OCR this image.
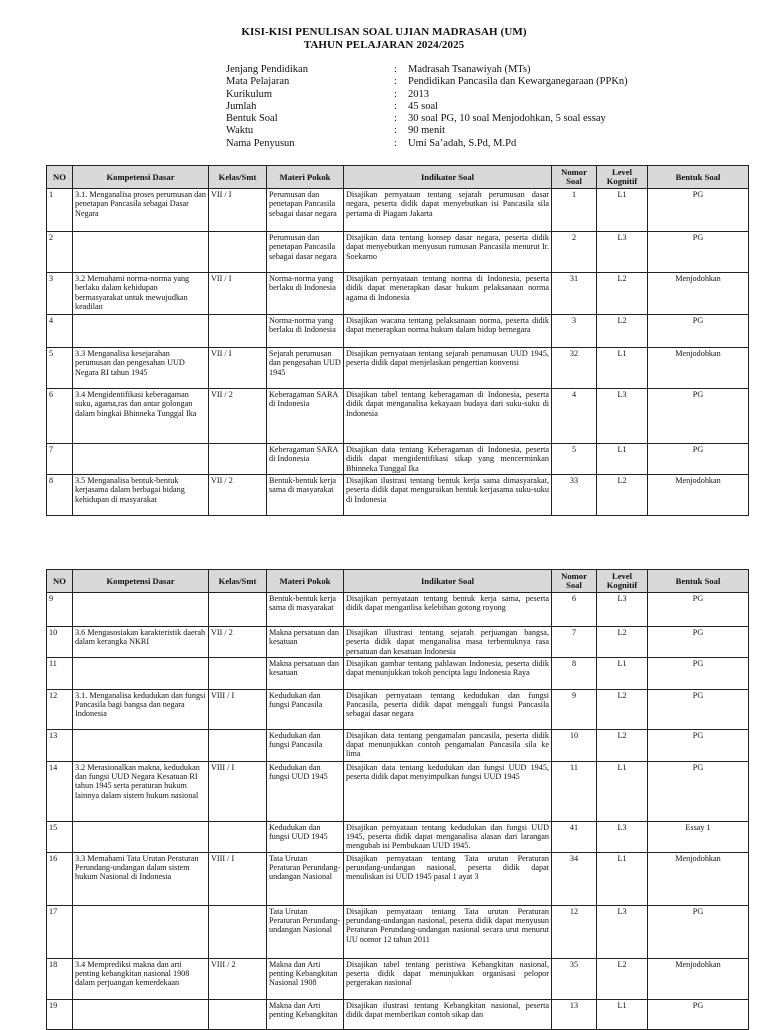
KISI-KISI PENULISAN SOAL UJIAN MADRASAH (UM)
TAHUN PELAJARAN 2024/2025
Jenjang Pendidikan	:	Madrasah Tsanawiyah (MTs)
Mata Pelajaran	:	Pendidikan Pancasila dan Kewarganegaraan (PPKn)
Kurikulum	:	2013
Jumlah	:	45 soal
Bentuk Soal	:	30 soal PG, 10 soal Menjodohkan, 5 soal essay
Waktu	:	90 menit
Nama Penyusun	:	Umi Sa’adah, S.Pd, M.Pd
NO	Kompetensi Dasar	Kelas/Smt	Materi Pokok	Indikator Soal	Nomor Soal	Level Kognitif	Bentuk Soal
1	3.1. Menganalisa proses perumusan dan penetapan Pancasila sebagai Dasar Negara	VII / I	Perumusan dan penetapan Pancasila sebagai dasar negara	Disajikan pernyataan tentang sejarah perumusan dasar negara, peserta didik dapat menyebutkan isi Pancasila sila pertama di Piagam Jakarta	1	L1	PG
2			Perumusan dan penetapan Pancasila sebagai dasar negara	Disajikan data tentang konsep dasar negara, peserta didik dapat menyebutkan menyusun rumusan Pancasila menurut Ir. Soekarno	2	L3	PG
3	3.2 Memahami norma-norma yang berlaku dalam kehidupan bermasyarakat untuk mewujudkan keadilan	VII / I	Norma-norma yang berlaku di Indonesia	Disajikan pernyataan tentang norma di Indonesia, peserta didik dapat menerapkan dasar hukum pelaksanaan norma agama di Indonesia	31	L2	Menjodohkan
4			Norma-norma yang berlaku di Indonesia	Disajikan wacana tentang pelaksanaan norma, peserta didik dapat menerapkan norma hukum dalam hidup bernegara	3	L2	PG
5	3.3 Menganalisa kesejarahan perumusan dan pengesahan UUD Negara RI tahun 1945	VII / I	Sejarah perumusan dan pengesahan UUD 1945	Disajikan pernyataan tentang sejarah perumusan UUD 1945, peserta didik dapat menjelaskan pengertian konvensi	32	L1	Menjodohkan
6	3.4 Mengidentifikasi keberagaman suku, agama,ras dan antar golongan dalam bingkai Bhinneka Tunggal Ika	VII / 2	Keberagaman SARA di Indonesia	Disajikan tabel tentang keberagaman di Indonesia, peserta didik dapat menganalisa kekayaan budaya dari suku-suku di Indonesia	4	L3	PG
7			Keberagaman SARA di Indonesia	Disajikan data tentang Keberagaman di Indonesia, peserta didik dapat mengidentifikasi sikap yang mencerminkan Bhinneka Tunggal Ika	5	L1	PG
8	3.5 Menganalisa bentuk-bentuk kerjasama dalam berbagai bidang kehidupan di masyarakat	VII / 2	Bentuk-bentuk kerja sama di masyarakat	Disajikan ilustrasi tentang bentuk kerja sama dimasyarakat, peserta didik dapat menguraikan bentuk kerjasama suku-suku di Indonesia	33	L2	Menjodohkan
NO	Kompetensi Dasar	Kelas/Smt	Materi Pokok	Indikator Soal	Nomor Soal	Level Kognitif	Bentuk Soal
9			Bentuk-bentuk kerja sama di masyarakat	Disajikan pernyataan tentang bentuk kerja sama, peserta didik dapat menganlisa kelebihan gotong royong	6	L3	PG
10	3.6 Mengasosiakan karakteristik daerah dalam kerangka NKRI	VII / 2	Makna persatuan dan kesatuan	Disajikan illustrasi tentang sejarah perjuangan bangsa, peserta didik dapat menganalisa masa terbentuknya rasa persatuan dan kesatuan Indonesia	7	L2	PG
11			Makna persatuan dan kesatuan	Disajikan gambar tentang pahlawan Indonesia, peserta didik dapat menunjukkan tokoh pencipta lagu Indonesia Raya	8	L1	PG
12	3.1. Menganalisa kedudukan dan fungsi Pancasila bagi bangsa dan negara Indonesia	VIII / I	Kedudukan dan fungsi Pancasila	Disajikan pernyataan tentang kedudukan dan fungsi Pancasila, peserta didik dapat menggali fungsi Pancasila sebagai dasar negara	9	L2	PG
13			Kedudukan dan fungsi Pancasila	Disajikan data tentang pengamalan pancasila, peserta didik dapat menunjukkan contoh pengamalan Pancasila sila ke lima	10	L2	PG
14	3.2 Merasionalkan makna, kedudukan dan fungsi UUD Negara Kesatuan RI tahun 1945 serta peraturan hukum lainnya dalam sistem hukum nasional	VIII / I	Kedudukan dan fungsi UUD 1945	Disajikan data tentang kedudukan dan fungsi UUD 1945, peserta didik dapat menyimpulkan fungsi UUD 1945	11	L1	PG
15			Kedudukan dan fungsi UUD 1945	Disajikan pernyataan tentang kedudukan dan fungsi UUD 1945, peserta didik dapat menganalisa alasan dari larangan mengubah isi Pembukaan UUD 1945.	41	L3	Essay 1
16	3.3 Memahami Tata Urutan Peraturan Perundang-undangan dalam sistem hukum Nasional di Indonesia	VIII / I	Tata Urutan Peraturan Perundang-undangan Nasional	Disajikan pernyataan tentang Tata urutan Peraturan perundang-undangan nasional, peserta didik dapat menuliskan isi UUD 1945 pasal 1 ayat 3	34	L1	Menjodohkan
17			Tata Urutan Peraturan Perundang-undangan Nasional	Disajikan pernyataan tentang Tata urutan Peraturan perundang-undangan nasional, peserta didik dapat menyusun Peraturan Perundang-undangan nasional secara urut menurut UU nomor 12 tahun 2011	12	L3	PG
18	3.4 Memprediksi makna dan arti penting kebangkitan nasional 1908 dalam perjuangan kemerdekaan	VIII / 2	Makna dan Arti penting Kebangkitan Nasional 1908	Disajikan tabel tentang peristiwa Kebangkitan nasional, peserta didik dapat menunjukkan organisasi pelopor pergerakan nasional	35	L2	Menjodohkan
19			Makna dan Arti penting Kebangkitan	Disajikan ilustrasi tentang Kebangkitan nasional, peserta didik dapat memberikan contoh sikap dan	13	L1	PG
